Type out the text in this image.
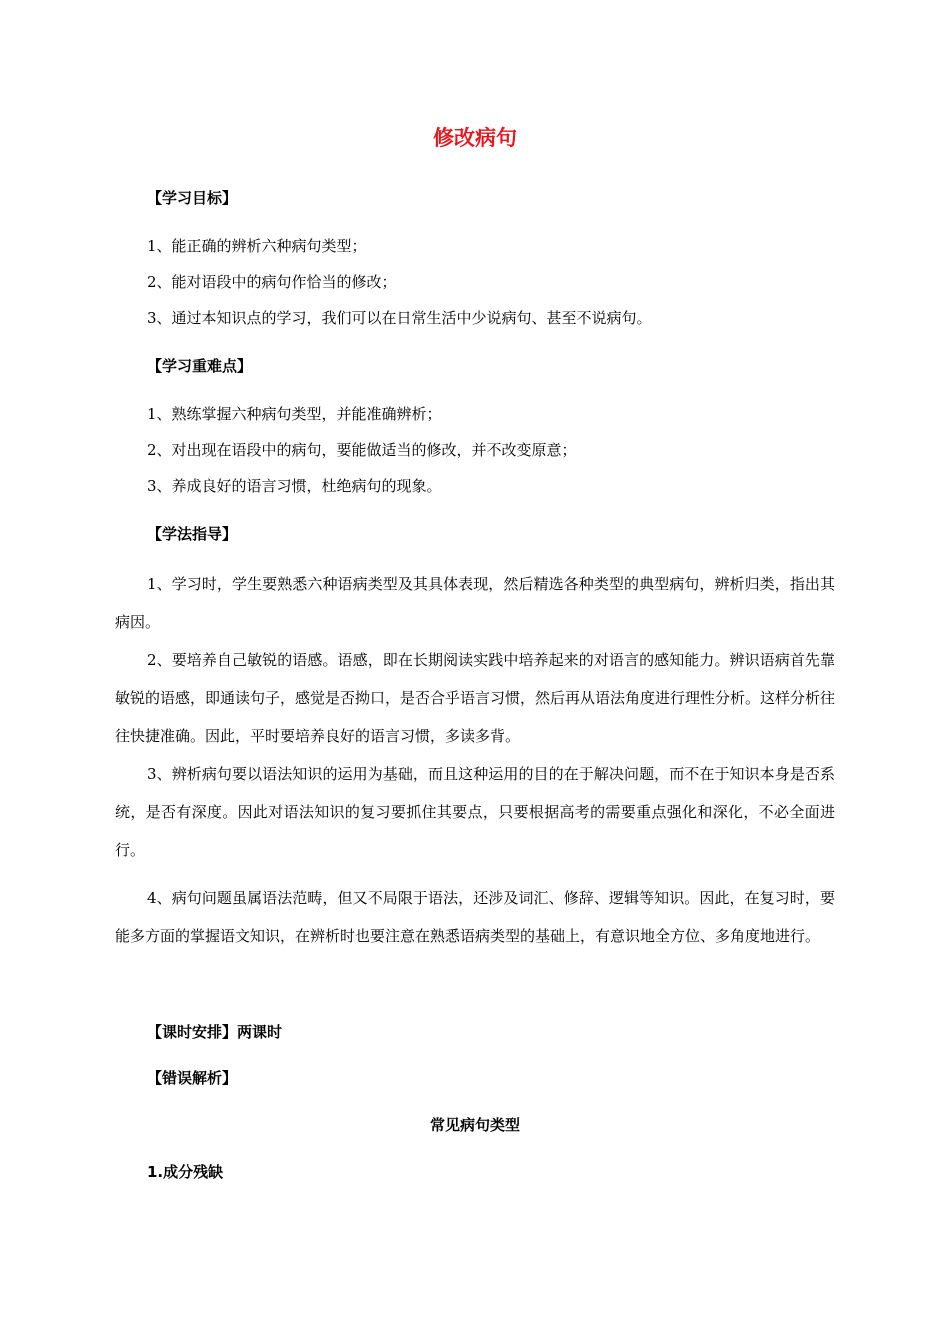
修改病句

【学习目标】

1、能正确的辨析六种病句类型；

2、能对语段中的病句作恰当的修改；

3、通过本知识点的学习，我们可以在日常生活中少说病句、甚至不说病句。

【学习重难点】

1、熟练掌握六种病句类型，并能准确辨析；

2、对出现在语段中的病句，要能做适当的修改，并不改变原意；

3、养成良好的语言习惯，杜绝病句的现象。

【学法指导】

1、学习时，学生要熟悉六种语病类型及其具体表现，然后精选各种类型的典型病句，辨析归类，指出其病因。

2、要培养自己敏锐的语感。语感，即在长期阅读实践中培养起来的对语言的感知能力。辨识语病首先靠敏锐的语感，即通读句子，感觉是否拗口，是否合乎语言习惯，然后再从语法角度进行理性分析。这样分析往往快捷准确。因此，平时要培养良好的语言习惯，多读多背。

3、辨析病句要以语法知识的运用为基础，而且这种运用的目的在于解决问题，而不在于知识本身是否系统，是否有深度。因此对语法知识的复习要抓住其要点，只要根据高考的需要重点强化和深化，不必全面进行。

4、病句问题虽属语法范畴，但又不局限于语法，还涉及词汇、修辞、逻辑等知识。因此，在复习时，要能多方面的掌握语文知识，在辨析时也要注意在熟悉语病类型的基础上，有意识地全方位、多角度地进行。

【课时安排】两课时

【错误解析】

常见病句类型

1.成分残缺
